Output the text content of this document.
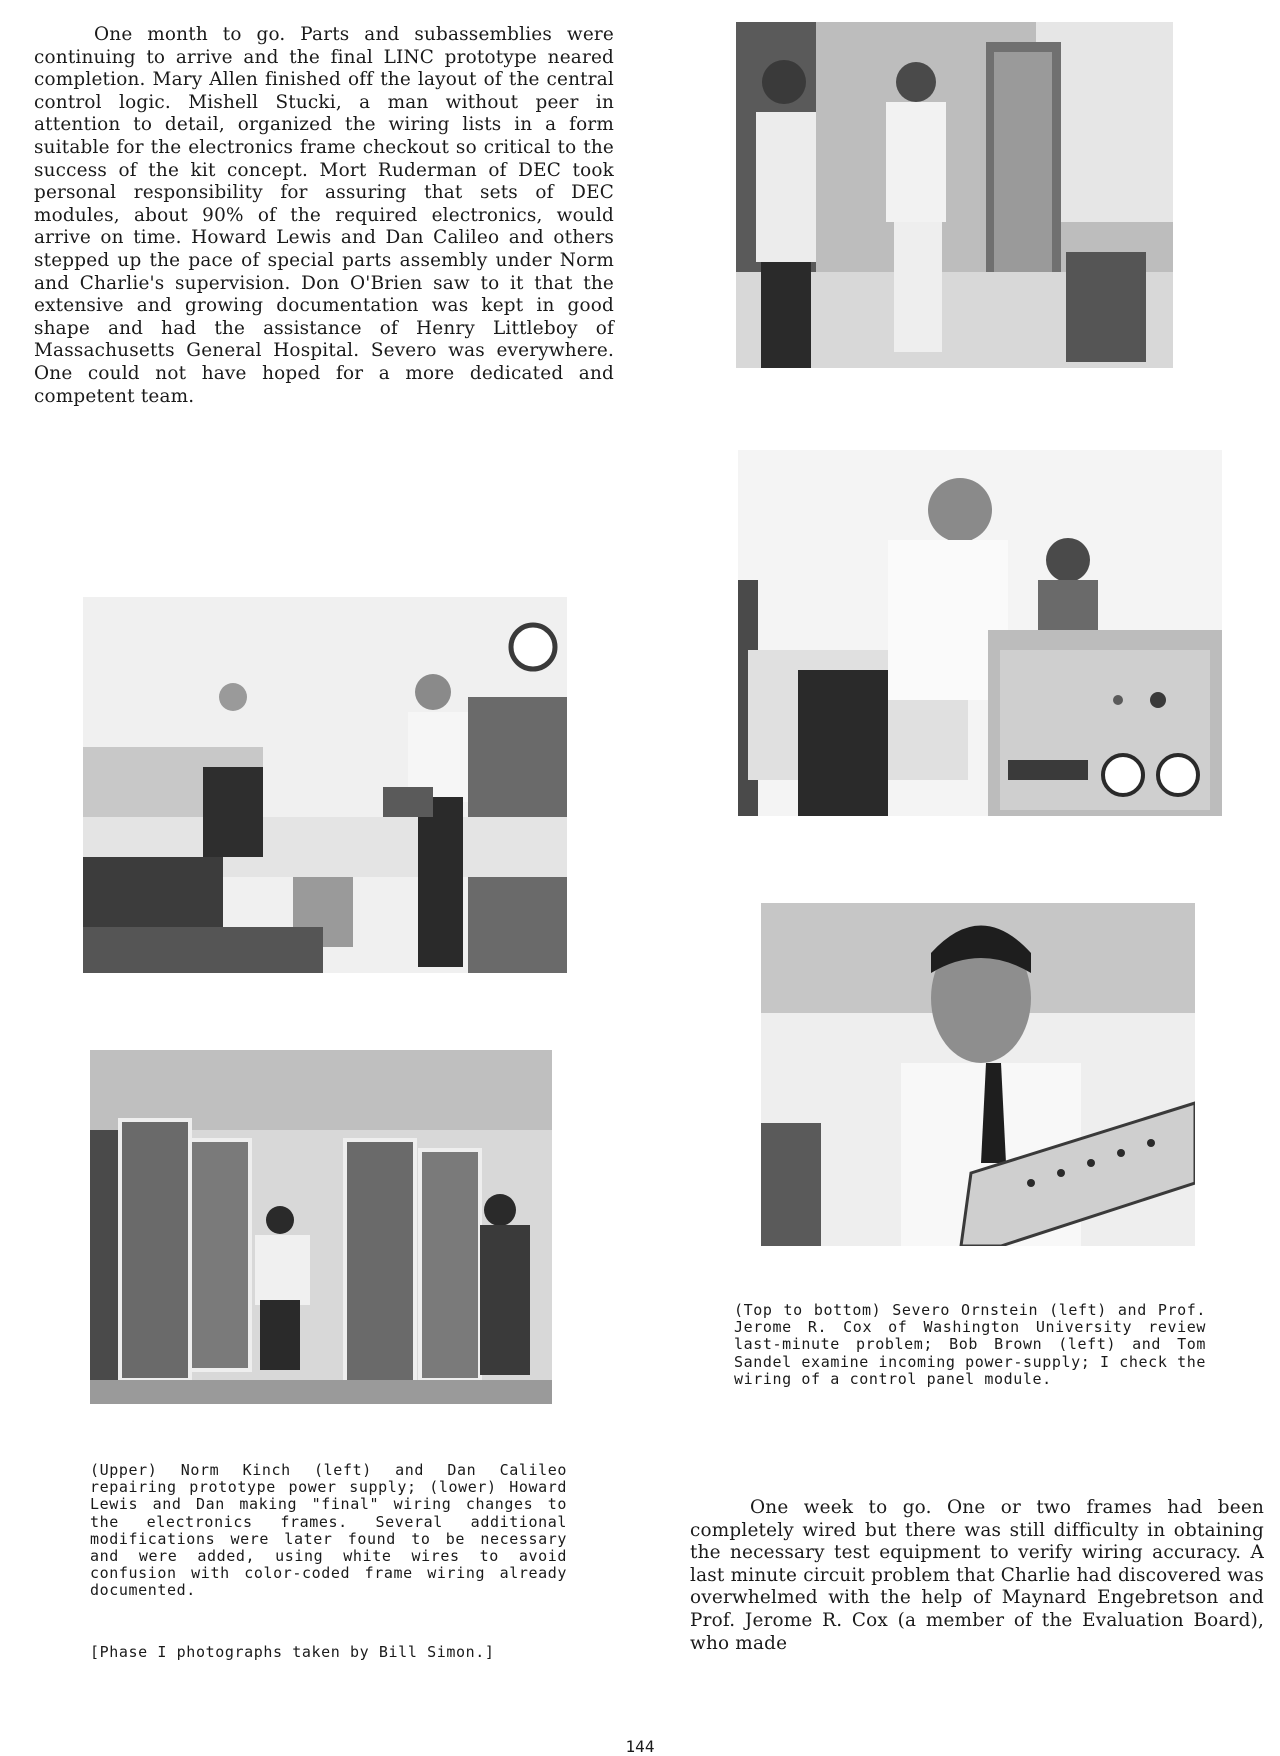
One month to go. Parts and subassemblies were continuing to arrive and the final LINC prototype neared completion. Mary Allen finished off the layout of the central control logic. Mishell Stucki, a man without peer in attention to detail, organized the wiring lists in a form suitable for the electronics frame checkout so critical to the success of the kit concept. Mort Ruderman of DEC took personal responsibility for assuring that sets of DEC modules, about 90% of the required electronics, would arrive on time. Howard Lewis and Dan Calileo and others stepped up the pace of special parts assembly under Norm and Charlie's supervision. Don O'Brien saw to it that the extensive and growing documentation was kept in good shape and had the assistance of Henry Littleboy of Massachusetts General Hospital. Severo was everywhere. One could not have hoped for a more dedicated and competent team.

(Top to bottom) Severo Ornstein (left) and Prof. Jerome R. Cox of Washington University review last-minute problem; Bob Brown (left) and Tom Sandel examine incoming power-supply; I check the wiring of a control panel module.

(Upper) Norm Kinch (left) and Dan Calileo repairing prototype power supply; (lower) Howard Lewis and Dan making "final" wiring changes to the electronics frames. Several additional modifications were later found to be necessary and were added, using white wires to avoid confusion with color-coded frame wiring already documented.

[Phase I photographs taken by Bill Simon.]

One week to go. One or two frames had been completely wired but there was still difficulty in obtaining the necessary test equipment to verify wiring accuracy. A last minute circuit problem that Charlie had discovered was overwhelmed with the help of Maynard Engebretson and Prof. Jerome R. Cox (a member of the Evaluation Board), who made

144
